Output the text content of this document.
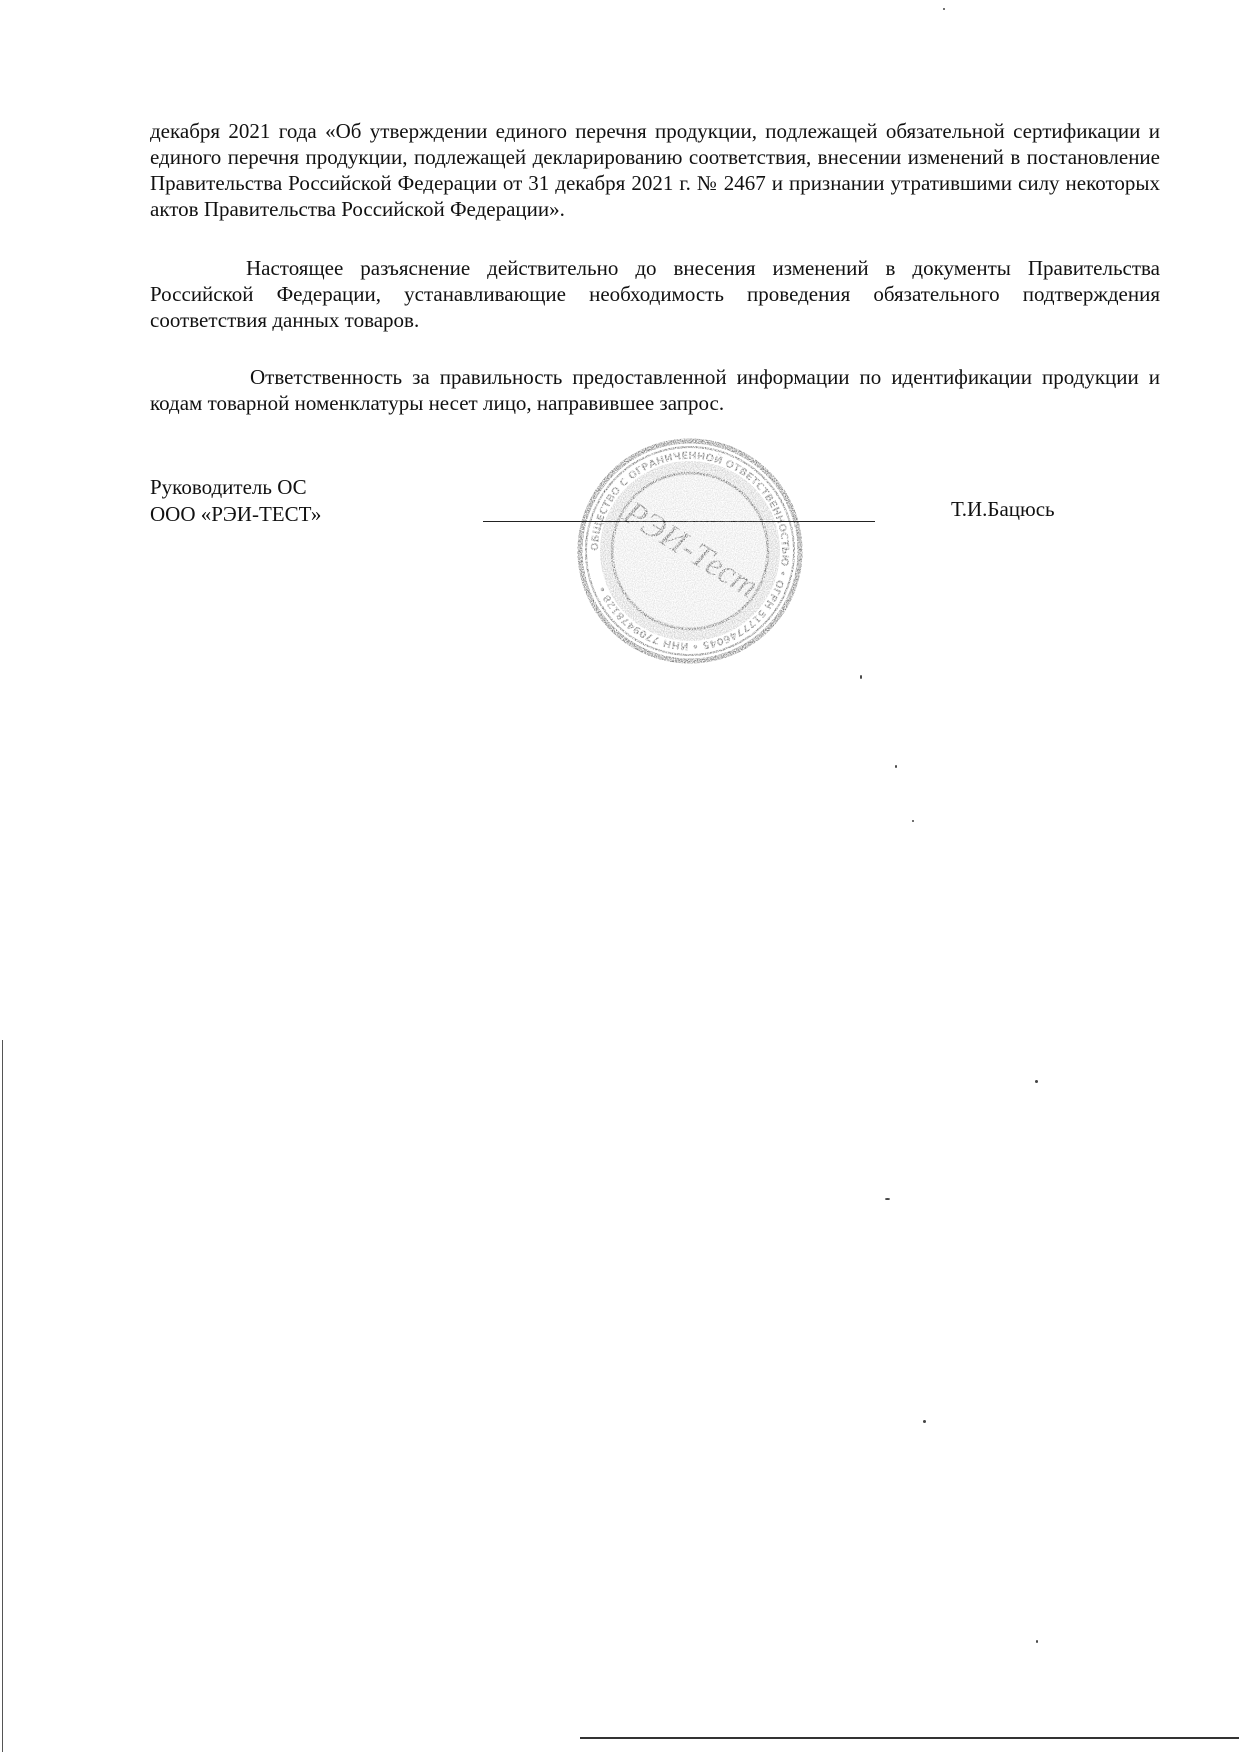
декабря 2021 года «Об утверждении единого перечня продукции, подлежащей обязательной сертификации и единого перечня продукции, подлежащей декларированию соответствия, внесении изменений в постановление Правительства Российской Федерации от 31 декабря 2021 г. № 2467 и признании утратившими силу некоторых актов Правительства Российской Федерации».

Настоящее разъяснение действительно до внесения изменений в документы Правительства Российской Федерации, устанавливающие необходимость проведения обязательного подтверждения соответствия данных товаров.

Ответственность за правильность предоставленной информации по идентификации продукции и кодам товарной номенклатуры несет лицо, направившее запрос.

Руководитель ОС
ООО «РЭИ-ТЕСТ»	Т.И.Бацюсь
ОБЩЕСТВО С ОГРАНИЧЕННОЙ ОТВЕТСТВЕННОСТЬЮ • ОГРН 5177746045 • ИНН 7709478128 • РЭИ-Тест
